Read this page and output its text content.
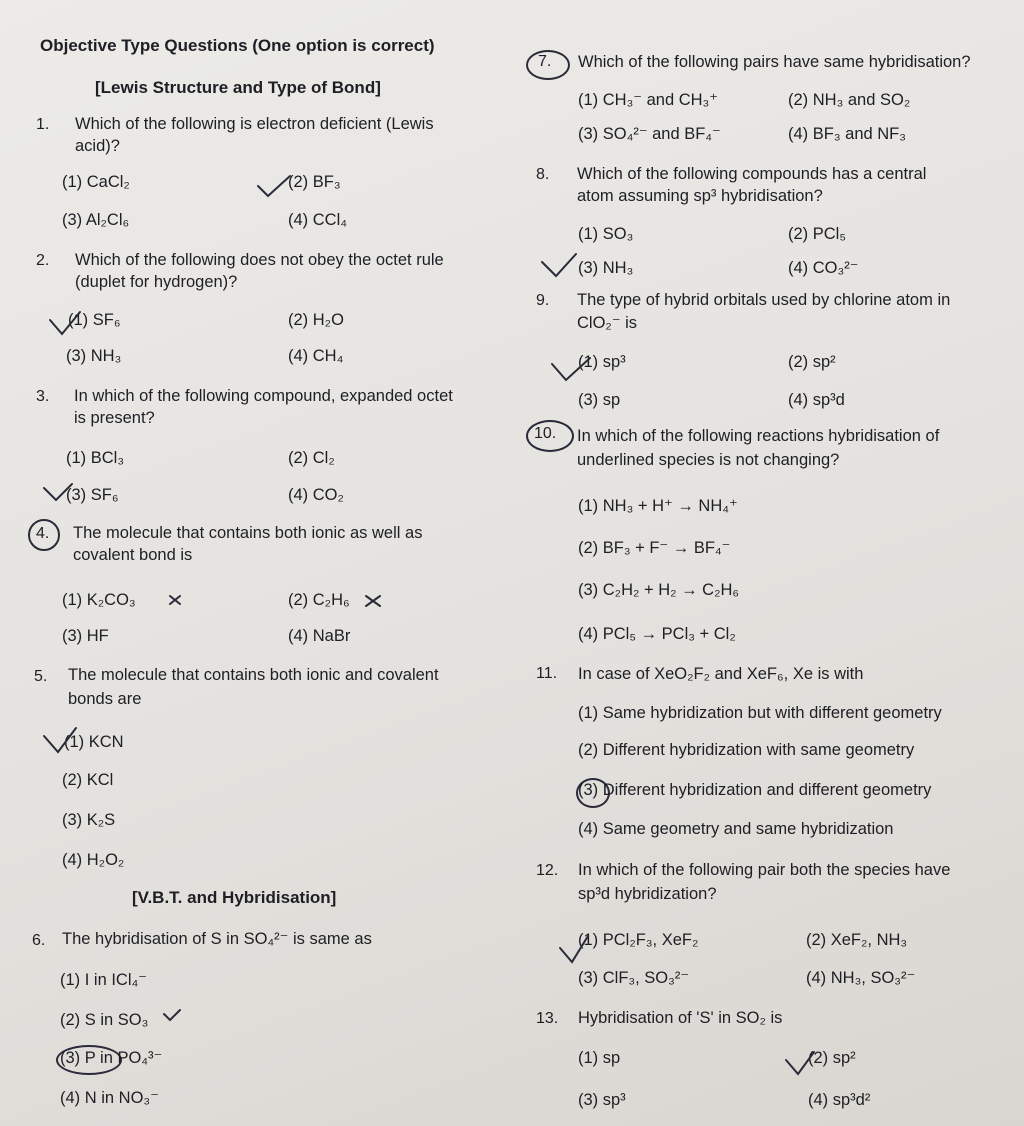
Objective Type Questions (One option is correct)
[Lewis Structure and Type of Bond]
1. Which of the following is electron deficient (Lewis
acid)?
(1) CaCl₂	(2) BF₃
(3) Al₂Cl₆	(4) CCl₄
2. Which of the following does not obey the octet rule
(duplet for hydrogen)?
(1) SF₆	(2) H₂O
(3) NH₃	(4) CH₄
3. In which of the following compound, expanded octet
is present?
(1) BCl₃	(2) Cl₂
(3) SF₆	(4) CO₂
4. The molecule that contains both ionic as well as
covalent bond is
(1) K₂CO₃	(2) C₂H₆
(3) HF	(4) NaBr
5. The molecule that contains both ionic and covalent
bonds are
(1) KCN
(2) KCl
(3) K₂S
(4) H₂O₂
[V.B.T. and Hybridisation]
6. The hybridisation of S in SO₄²⁻ is same as
(1) I in ICl₄⁻
(2) S in SO₃
(3) P in PO₄³⁻
(4) N in NO₃⁻
7. Which of the following pairs have same hybridisation?
(1) CH₃⁻ and CH₃⁺	(2) NH₃ and SO₂
(3) SO₄²⁻ and BF₄⁻	(4) BF₃ and NF₃
8. Which of the following compounds has a central
atom assuming sp³ hybridisation?
(1) SO₃	(2) PCl₅
(3) NH₃	(4) CO₃²⁻
9. The type of hybrid orbitals used by chlorine atom in
ClO₂⁻ is
(1) sp³	(2) sp²
(3) sp	(4) sp³d
10. In which of the following reactions hybridisation of
underlined species is not changing?
(1) NH₃ + H⁺ → NH₄⁺
(2) BF₃ + F⁻ → BF₄⁻
(3) C₂H₂ + H₂ → C₂H₆
(4) PCl₅ → PCl₃ + Cl₂
11. In case of XeO₂F₂ and XeF₆, Xe is with
(1) Same hybridization but with different geometry
(2) Different hybridization with same geometry
(3) Different hybridization and different geometry
(4) Same geometry and same hybridization
12. In which of the following pair both the species have
sp³d hybridization?
(1) PCl₂F₃, XeF₂	(2) XeF₂, NH₃
(3) ClF₃, SO₃²⁻	(4) NH₃, SO₃²⁻
13. Hybridisation of 'S' in SO₂ is
(1) sp	(2) sp²
(3) sp³	(4) sp³d²
